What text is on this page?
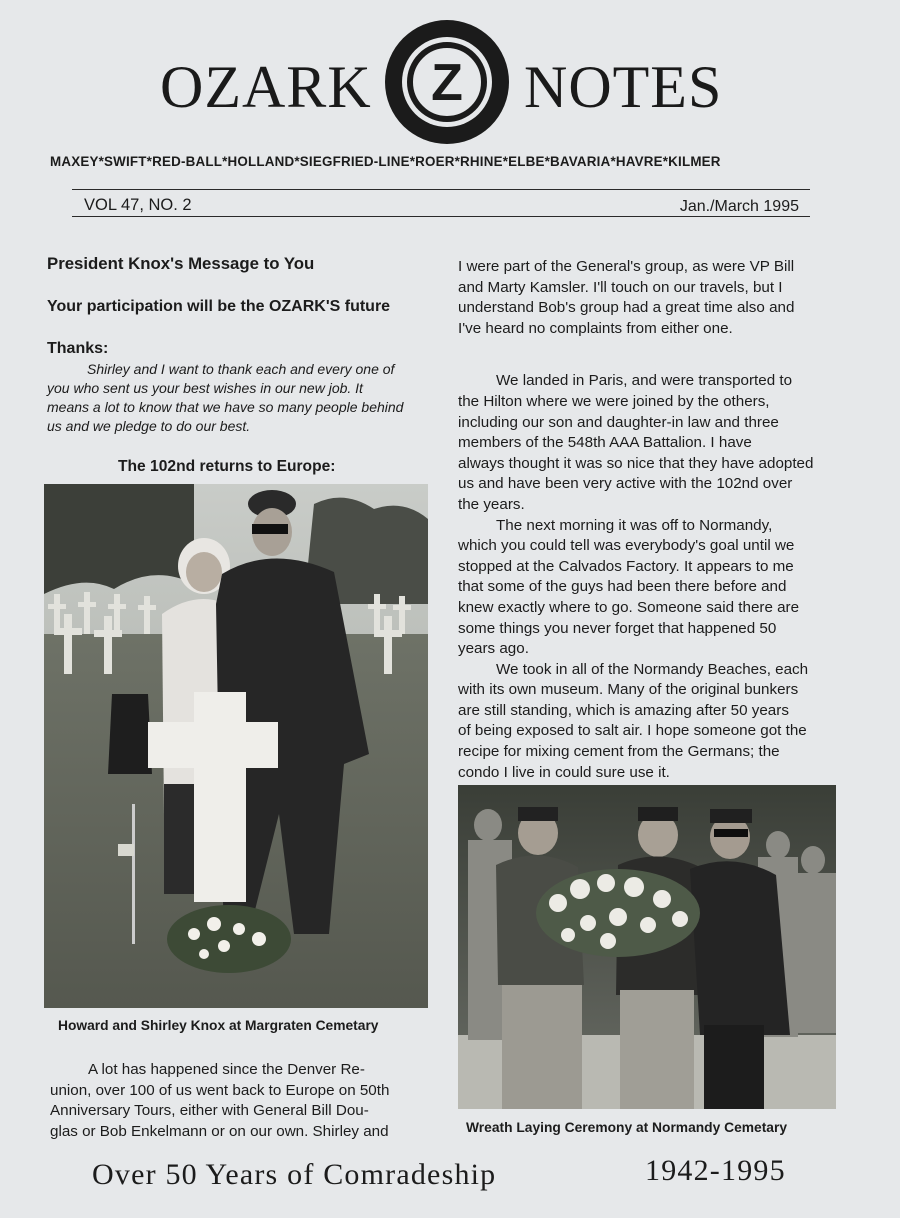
OZARK Z NOTES
MAXEY*SWIFT*RED-BALL*HOLLAND*SIEGFRIED-LINE*ROER*RHINE*ELBE*BAVARIA*HAVRE*KILMER
VOL 47, NO. 2	Jan./March 1995
President Knox's Message to You
Your participation will be the OZARK'S future
Thanks:
Shirley and I want to thank each and every one of
you who sent us your best wishes in our new job. It
means a lot to know that we have so many people behind
us and we pledge to do our best.
The 102nd returns to Europe:
Howard and Shirley Knox at Margraten Cemetary
A lot has happened since the Denver Re-
union, over 100 of us went back to Europe on 50th
Anniversary Tours, either with General Bill Dou-
glas or Bob Enkelmann or on our own. Shirley and
I were part of the General's group, as were VP Bill
and Marty Kamsler. I'll touch on our travels, but I
understand Bob's group had a great time also and
I've heard no complaints from either one.
We landed in Paris, and were transported to
the Hilton where we were joined by the others,
including our son and daughter-in law and three
members of the 548th AAA Battalion. I have
always thought it was so nice that they have adopted
us and have been very active with the 102nd over
the years.
The next morning it was off to Normandy,
which you could tell was everybody's goal until we
stopped at the Calvados Factory. It appears to me
that some of the guys had been there before and
knew exactly where to go. Someone said there are
some things you never forget that happened 50
years ago.
We took in all of the Normandy Beaches, each
with its own museum. Many of the original bunkers
are still standing, which is amazing after 50 years
of being exposed to salt air. I hope someone got the
recipe for mixing cement from the Germans; the
condo I live in could sure use it.
Wreath Laying Ceremony at Normandy Cemetary
Over 50 Years of Comradeship	1942-1995
